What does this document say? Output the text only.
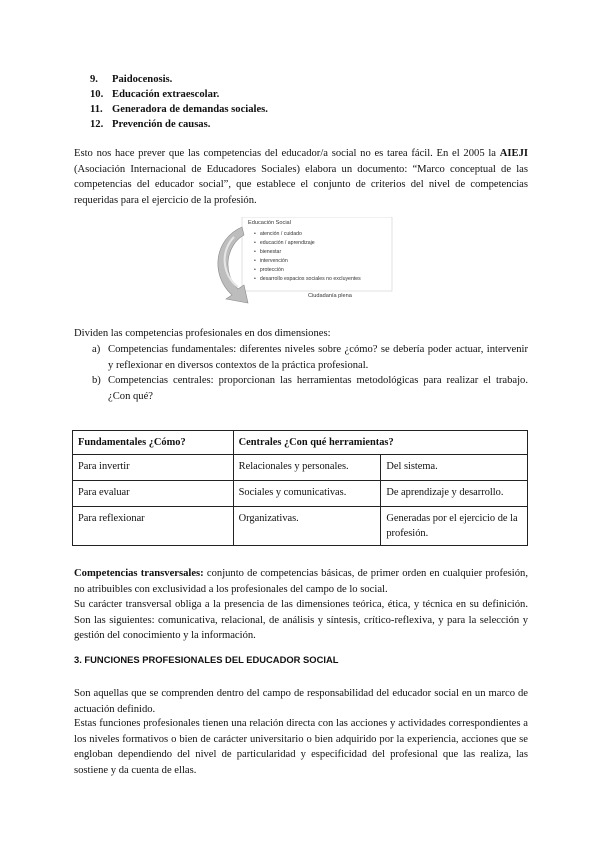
9. Paidocenosis.
10. Educación extraescolar.
11. Generadora de demandas sociales.
12. Prevención de causas.

Esto nos hace prever que las competencias del educador/a social no es tarea fácil. En el 2005 la AIEJI (Asociación Internacional de Educadores Sociales) elabora un documento: “Marco conceptual de las competencias del educador social”, que establece el conjunto de criterios del nivel de competencias requeridas para el ejercicio de la profesión.

Educación Social
• atención / cuidado
• educación / aprendizaje
• bienestar
• intervención
• protección
• desarrollo espacios sociales no excluyentes
Ciudadanía plena

Dividen las competencias profesionales en dos dimensiones:

a) Competencias fundamentales: diferentes niveles sobre ¿cómo? se debería poder actuar, intervenir y reflexionar en diversos contextos de la práctica profesional.
b) Competencias centrales: proporcionan las herramientas metodológicas para realizar el trabajo. ¿Con qué?
Fundamentales ¿Cómo?	Centrales ¿Con qué herramientas?	
Para invertir	Relacionales y personales.	Del sistema.
Para evaluar	Sociales y comunicativas.	De aprendizaje y desarrollo.
Para reflexionar	Organizativas.	Generadas por el ejercicio de la profesión.

Competencias transversales: conjunto de competencias básicas, de primer orden en cualquier profesión, no atribuibles con exclusividad a los profesionales del campo de lo social.

Su carácter transversal obliga a la presencia de las dimensiones teórica, ética, y técnica en su definición. Son las siguientes: comunicativa, relacional, de análisis y síntesis, crítico-reflexiva, y para la selección y gestión del conocimiento y la información.

3. FUNCIONES PROFESIONALES DEL EDUCADOR SOCIAL

Son aquellas que se comprenden dentro del campo de responsabilidad del educador social en un marco de actuación definido.

Estas funciones profesionales tienen una relación directa con las acciones y actividades correspondientes a los niveles formativos o bien de carácter universitario o bien adquirido por la experiencia, acciones que se engloban dependiendo del nivel de particularidad y especificidad del profesional que las realiza, las sostiene y da cuenta de ellas.
